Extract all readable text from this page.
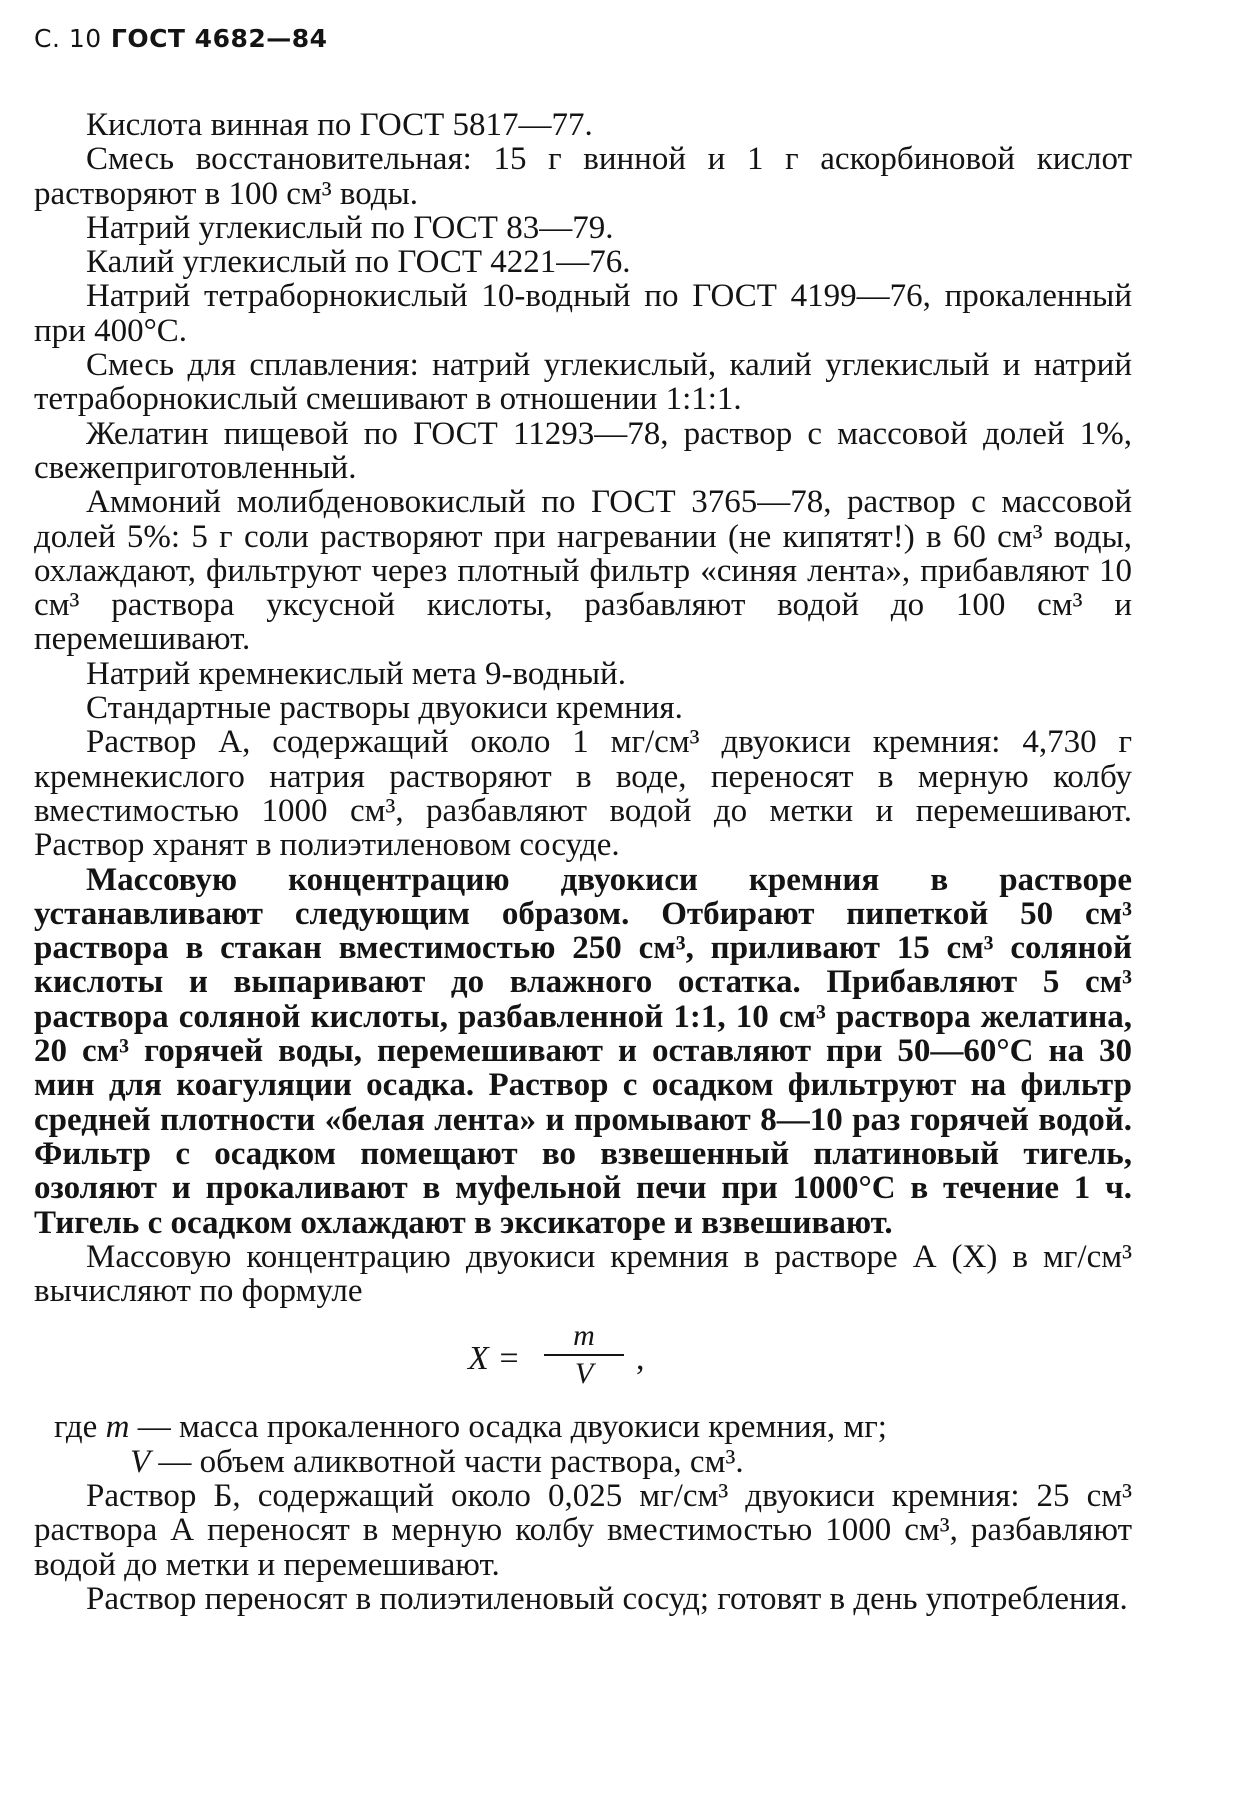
С. 10 ГОСТ 4682—84

Кислота винная по ГОСТ 5817—77.

Смесь восстановительная: 15 г винной и 1 г аскорбиновой кислот растворяют в 100 см³ воды.

Натрий углекислый по ГОСТ 83—79.

Калий углекислый по ГОСТ 4221—76.

Натрий тетраборнокислый 10-водный по ГОСТ 4199—76, прокаленный при 400°С.

Смесь для сплавления: натрий углекислый, калий углекислый и натрий тетраборнокислый смешивают в отношении 1:1:1.

Желатин пищевой по ГОСТ 11293—78, раствор с массовой долей 1%, свежеприготовленный.

Аммоний молибденовокислый по ГОСТ 3765—78, раствор с массовой долей 5%: 5 г соли растворяют при нагревании (не кипятят!) в 60 см³ воды, охлаждают, фильтруют через плотный фильтр «синяя лента», прибавляют 10 см³ раствора уксусной кислоты, разбавляют водой до 100 см³ и перемешивают.

Натрий кремнекислый мета 9-водный.

Стандартные растворы двуокиси кремния.

Раствор А, содержащий около 1 мг/см³ двуокиси кремния: 4,730 г кремнекислого натрия растворяют в воде, переносят в мерную колбу вместимостью 1000 см³, разбавляют водой до метки и перемешивают. Раствор хранят в полиэтиленовом сосуде.

Массовую концентрацию двуокиси кремния в растворе устанавливают следующим образом. Отбирают пипеткой 50 см³ раствора в стакан вместимостью 250 см³, приливают 15 см³ соляной кислоты и выпаривают до влажного остатка. Прибавляют 5 см³ раствора соляной кислоты, разбавленной 1:1, 10 см³ раствора желатина, 20 см³ горячей воды, перемешивают и оставляют при 50—60°С на 30 мин для коагуляции осадка. Раствор с осадком фильтруют на фильтр средней плотности «белая лента» и промывают 8—10 раз горячей водой. Фильтр с осадком помещают во взвешенный платиновый тигель, озоляют и прокаливают в муфельной печи при 1000°С в течение 1 ч. Тигель с осадком охлаждают в эксикаторе и взвешивают.

Массовую концентрацию двуокиси кремния в растворе А (X) в мг/см³ вычисляют по формуле

X =
m
V	,

где m — масса прокаленного осадка двуокиси кремния, мг;

V — объем аликвотной части раствора, см³.

Раствор Б, содержащий около 0,025 мг/см³ двуокиси кремния: 25 см³ раствора А переносят в мерную колбу вместимостью 1000 см³, разбавляют водой до метки и перемешивают.

Раствор переносят в полиэтиленовый сосуд; готовят в день употребления.
